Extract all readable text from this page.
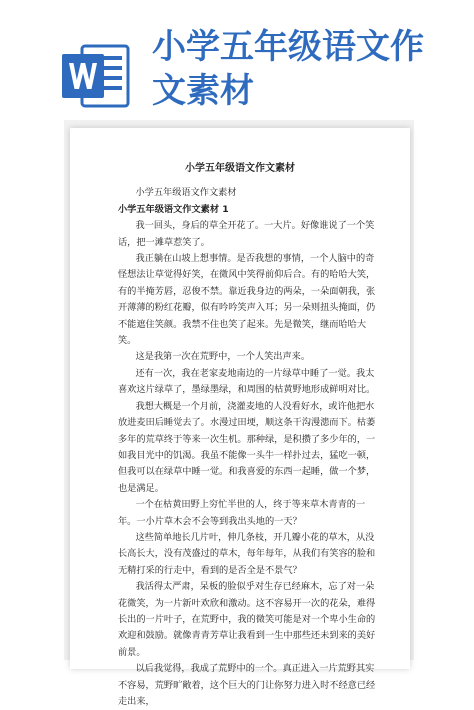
小学五年级语文作
文素材
小学五年级语文作文素材
小学五年级语文作文素材
小学五年级语文作文素材 1
我一回头，身后的草全开花了。一大片。好像谁说了一个笑话，把一滩草惹笑了。
我正躺在山坡上想事情。是否我想的事情，一个人脑中的奇怪想法让草觉得好笑，在微风中笑得前仰后合。有的哈哈大笑，有的半掩芳唇，忍俊不禁。靠近我身边的两朵，一朵面朝我，张开薄薄的粉红花瓣，似有吟吟笑声入耳；另一朵则扭头掩面，仍不能遮住笑颜。我禁不住也笑了起来。先是微笑，继而哈哈大笑。
这是我第一次在荒野中，一个人笑出声来。
还有一次，我在老家麦地南边的一片绿草中睡了一觉。我太喜欢这片绿草了，墨绿墨绿，和周围的枯黄野地形成鲜明对比。
我想大概是一个月前，浇灌麦地的人没看好水，或许他把水放进麦田后睡觉去了。水漫过田埂，顺这条干沟漫漶而下。枯萎多年的荒草终于等来一次生机。那种绿，是积攒了多少年的，一如我目光中的饥渴。我虽不能像一头牛一样扑过去，猛吃一顿，但我可以在绿草中睡一觉。和我喜爱的东西一起睡，做一个梦，也是满足。
一个在枯黄田野上穷忙半世的人，终于等来草木青青的一年。一小片草木会不会等到我出头地的一天？
这些简单地长几片叶，伸几条枝，开几瓣小花的草木，从没长高长大，没有茂盛过的草木，每年每年，从我们有笑容的脸和无精打采的行走中，看到的是否全是不景气？
我活得太严肃，呆板的脸似乎对生存已经麻木，忘了对一朵花微笑，为一片新叶欢欣和激动。这不容易开一次的花朵，难得长出的一片叶子，在荒野中，我的微笑可能是对一个卑小生命的欢迎和鼓励。就像青青芳草让我看到一生中那些还未到来的美好前景。
以后我觉得，我成了荒野中的一个。真正进入一片荒野其实不容易，荒野旷敞着，这个巨大的门让你努力进入时不经意已经走出来，
